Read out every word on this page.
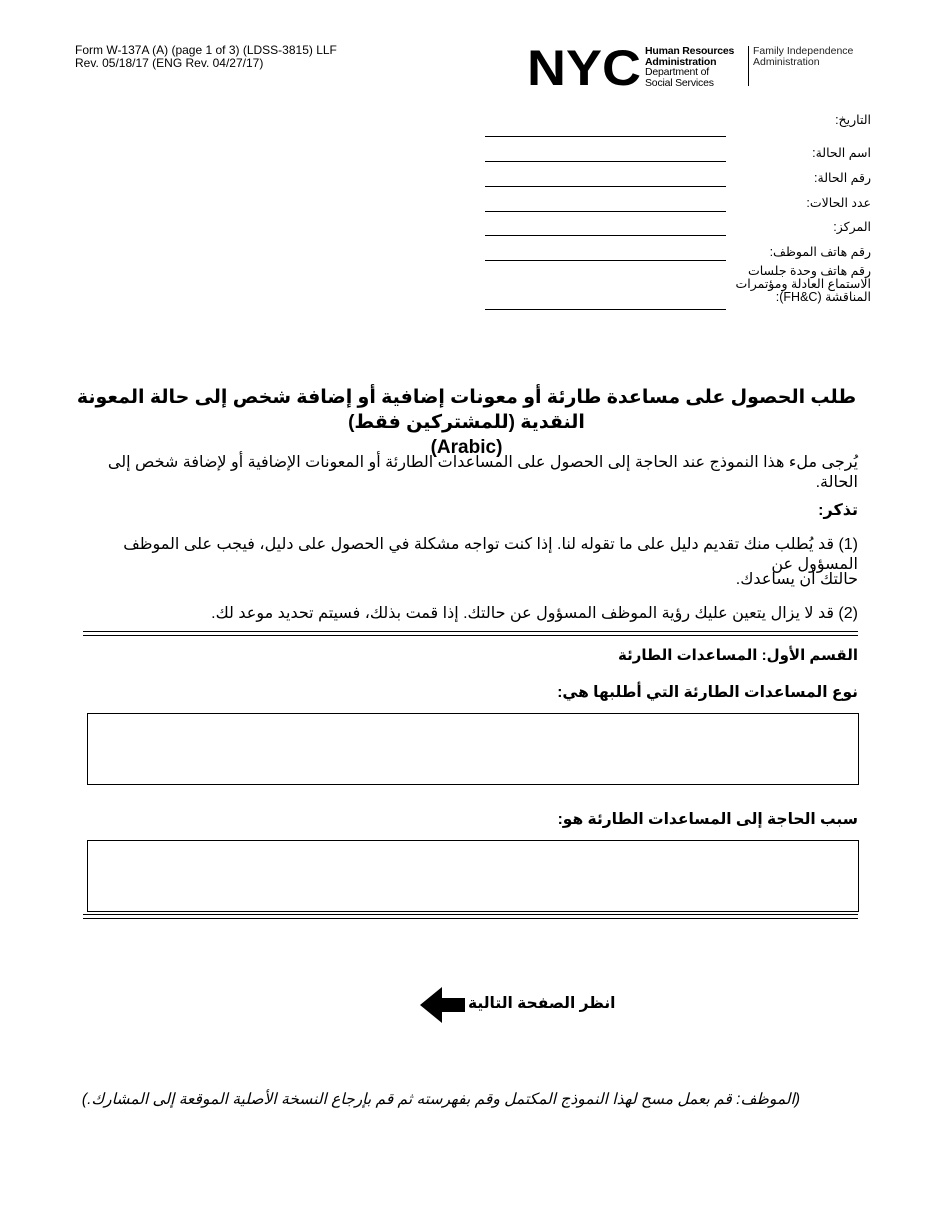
Form W-137A (A) (page 1 of 3) (LDSS-3815) LLF
Rev. 05/18/17 (ENG Rev. 04/27/17)	NYC Human Resources
Administration
Department of
Social Services
Family Independence
Administration
التاريخ:
اسم الحالة:
رقم الحالة:
عدد الحالات:
المركز:
رقم هاتف الموظف:
رقم هاتف وحدة جلسات
الاستماع العادلة ومؤتمرات
المناقشة (FH&C):
طلب الحصول على مساعدة طارئة أو معونات إضافية أو إضافة شخص إلى حالة المعونة النقدية (للمشتركين فقط)
(Arabic)
يُرجى ملء هذا النموذج عند الحاجة إلى الحصول على المساعدات الطارئة أو المعونات الإضافية أو لإضافة شخص إلى الحالة.
تذكر:
(1) قد يُطلب منك تقديم دليل على ما تقوله لنا. إذا كنت تواجه مشكلة في الحصول على دليل، فيجب على الموظف المسؤول عن
حالتك أن يساعدك.
(2) قد لا يزال يتعين عليك رؤية الموظف المسؤول عن حالتك. إذا قمت بذلك، فسيتم تحديد موعد لك.
القسم الأول: المساعدات الطارئة
نوع المساعدات الطارئة التي أطلبها هي:
سبب الحاجة إلى المساعدات الطارئة هو:
انظر الصفحة التالية
(الموظف: قم بعمل مسح لهذا النموذج المكتمل وقم بفهرسته ثم قم بإرجاع النسخة الأصلية الموقعة إلى المشارك.)
